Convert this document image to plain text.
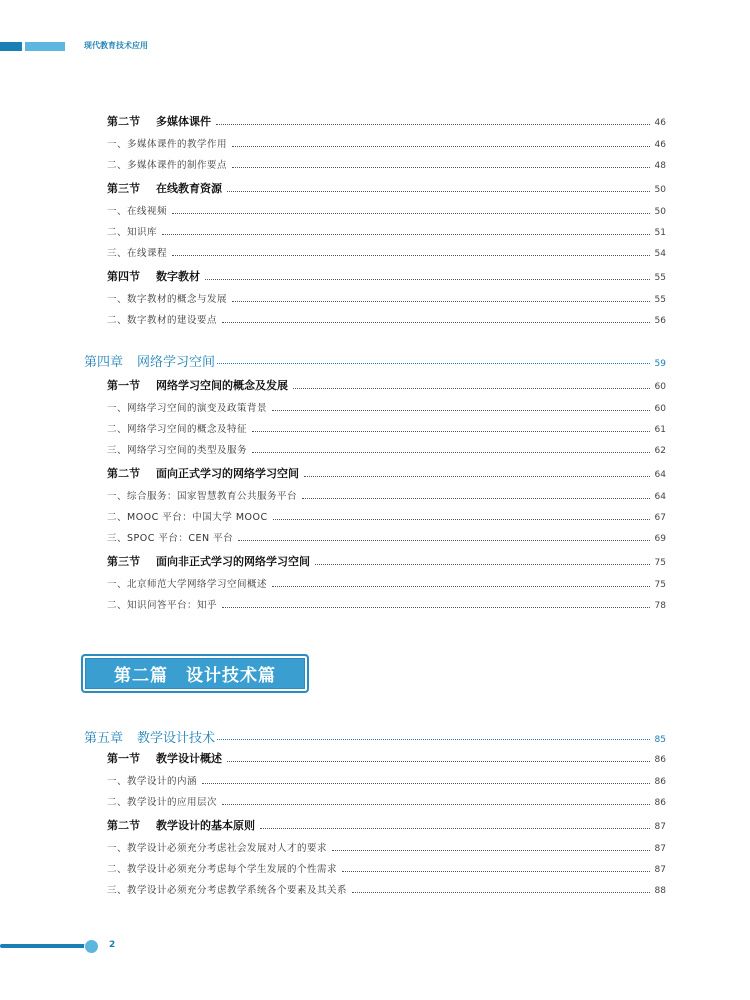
现代教育技术应用
第二节 多媒体课件	46
一、多媒体课件的教学作用	46
二、多媒体课件的制作要点	48
第三节 在线教育资源	50
一、在线视频	50
二、知识库	51
三、在线课程	54
第四节 数字教材	55
一、数字教材的概念与发展	55
二、数字教材的建设要点	56
第四章 网络学习空间	59
第一节 网络学习空间的概念及发展	60
一、网络学习空间的演变及政策背景	60
二、网络学习空间的概念及特征	61
三、网络学习空间的类型及服务	62
第二节 面向正式学习的网络学习空间	64
一、综合服务：国家智慧教育公共服务平台	64
二、MOOC 平台：中国大学 MOOC	67
三、SPOC 平台：CEN 平台	69
第三节 面向非正式学习的网络学习空间	75
一、北京师范大学网络学习空间概述	75
二、知识问答平台：知乎	78
第五章 教学设计技术	85
第一节 教学设计概述	86
一、教学设计的内涵	86
二、教学设计的应用层次	86
第二节 教学设计的基本原则	87
一、教学设计必须充分考虑社会发展对人才的要求	87
二、教学设计必须充分考虑每个学生发展的个性需求	87
三、教学设计必须充分考虑教学系统各个要素及其关系	88
第二篇 设计技术篇
2
